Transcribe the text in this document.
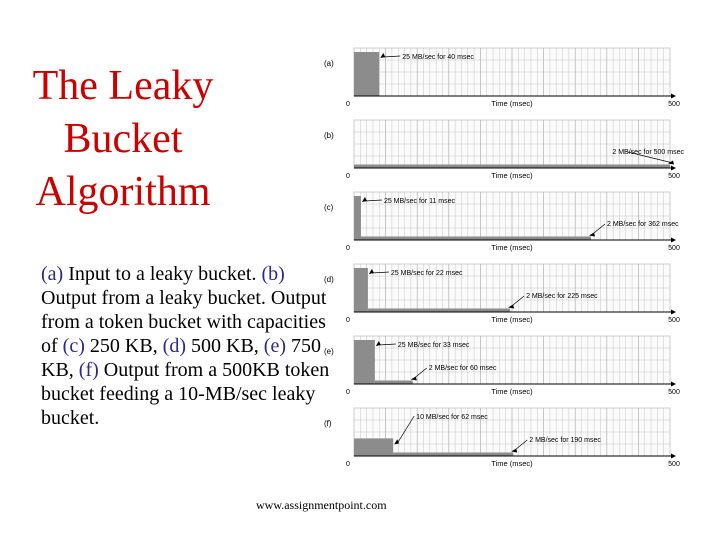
The Leaky
Bucket
Algorithm
(a) Input to a leaky bucket. (b) Output from a leaky bucket. Output from a token bucket with capacities of (c) 250 KB, (d) 500 KB, (e) 750 KB, (f) Output from a 500KB token bucket feeding a 10-MB/sec leaky bucket.
www.assignmentpoint.com
(a)
0	500
Time (msec)
25 MB/sec for 40 msec
(b)
0	500
Time (msec)
2 MB/sec for 500 msec
(c)
0	500
Time (msec)
25 MB/sec for 11 msec
2 MB/sec for 362 msec
(d)
0	500
Time (msec)
25 MB/sec for 22 msec
2 MB/sec for 225 msec
(e)
0	500
Time (msec)
25 MB/sec for 33 msec
2 MB/sec for 60 msec
(f)
0	500
Time (msec)
10 MB/sec for 62 msec
2 MB/sec for 190 msec
